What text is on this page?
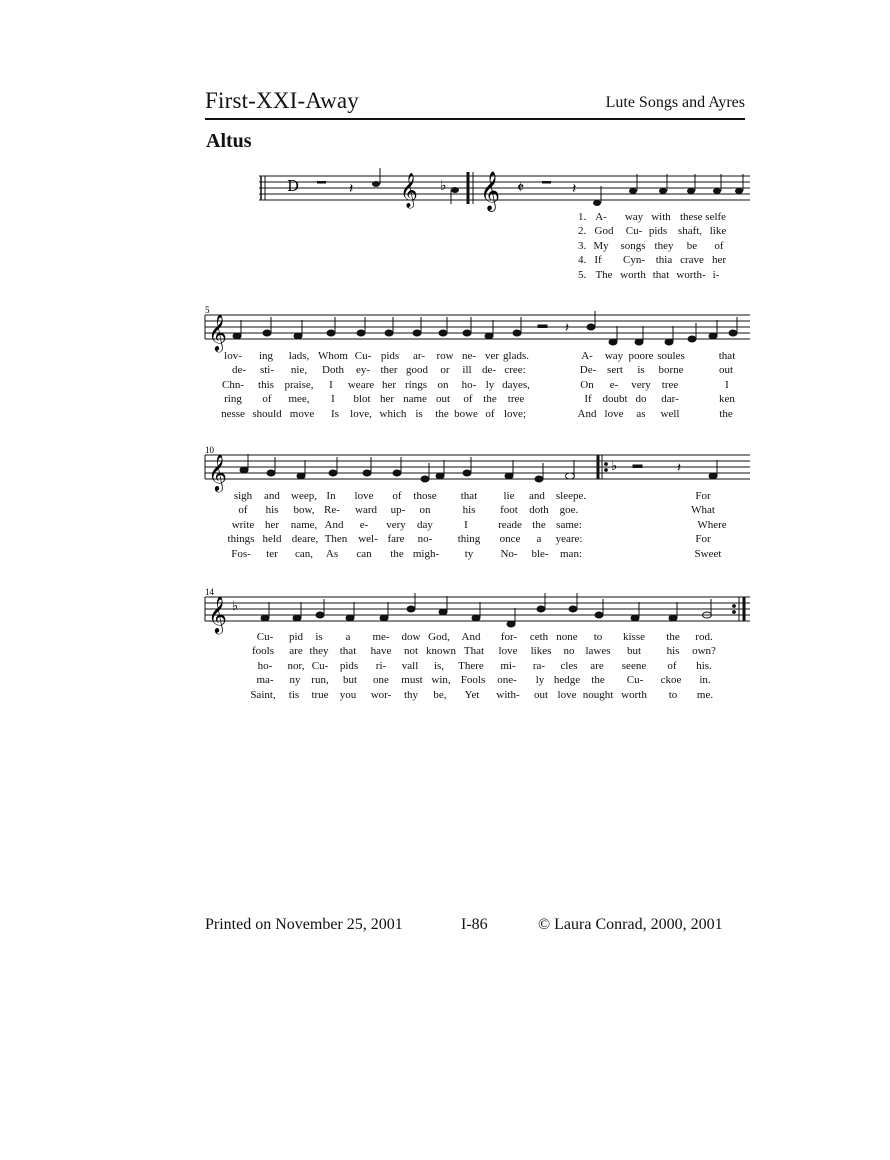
First-XXI-Away	Lute Songs and Ayres
Altus
D	𝄽 𝄞 ♭ 𝄞 𝄵	𝄽
1. A- way with these selfe
2. God Cu- pids shaft, like
3. My songs they be of
4. If Cyn- thia crave her
5. The worth that worth- i-
5
𝄞	𝄽
lov- ing lads, Whom Cu- pids ar- row ne- ver glads.	A- way poore soules	that
de- sti- nie, Doth ey- ther good or ill de- cree:	De- sert is borne	out
Chn- this praise, I weare her rings on ho- ly dayes,	On e- very tree	I
ring of mee, I blot her name out of the tree	If doubt do dar-	ken
nesse should move Is love, which is the bowe of love;	And love as well	the
10
𝄞	♭	𝄽
sigh and weep, In love of those that lie and sleepe.	For
of his bow, Re- ward up- on	his foot doth goe.	What
write her name, And e- very day	I	reade the same:	Where
things held deare, Then wel- fare no- thing once a yeare:	For
Fos- ter can, As can the migh- ty No- ble- man:	Sweet
14
𝄞 ♭
Cu- pid is a me- dow God, And for- ceth none to kisse the rod.
fools are they that have not known That love likes no lawes but his own?
ho- nor, Cu- pids ri- vall is, There mi- ra- cles are seene of his.
ma- ny run, but one must win, Fools one- ly hedge the Cu- ckoe in.
Saint, tis true you wor- thy be, Yet with- out love nought worth to me.
Printed on November 25, 2001	I-86	© Laura Conrad, 2000, 2001
